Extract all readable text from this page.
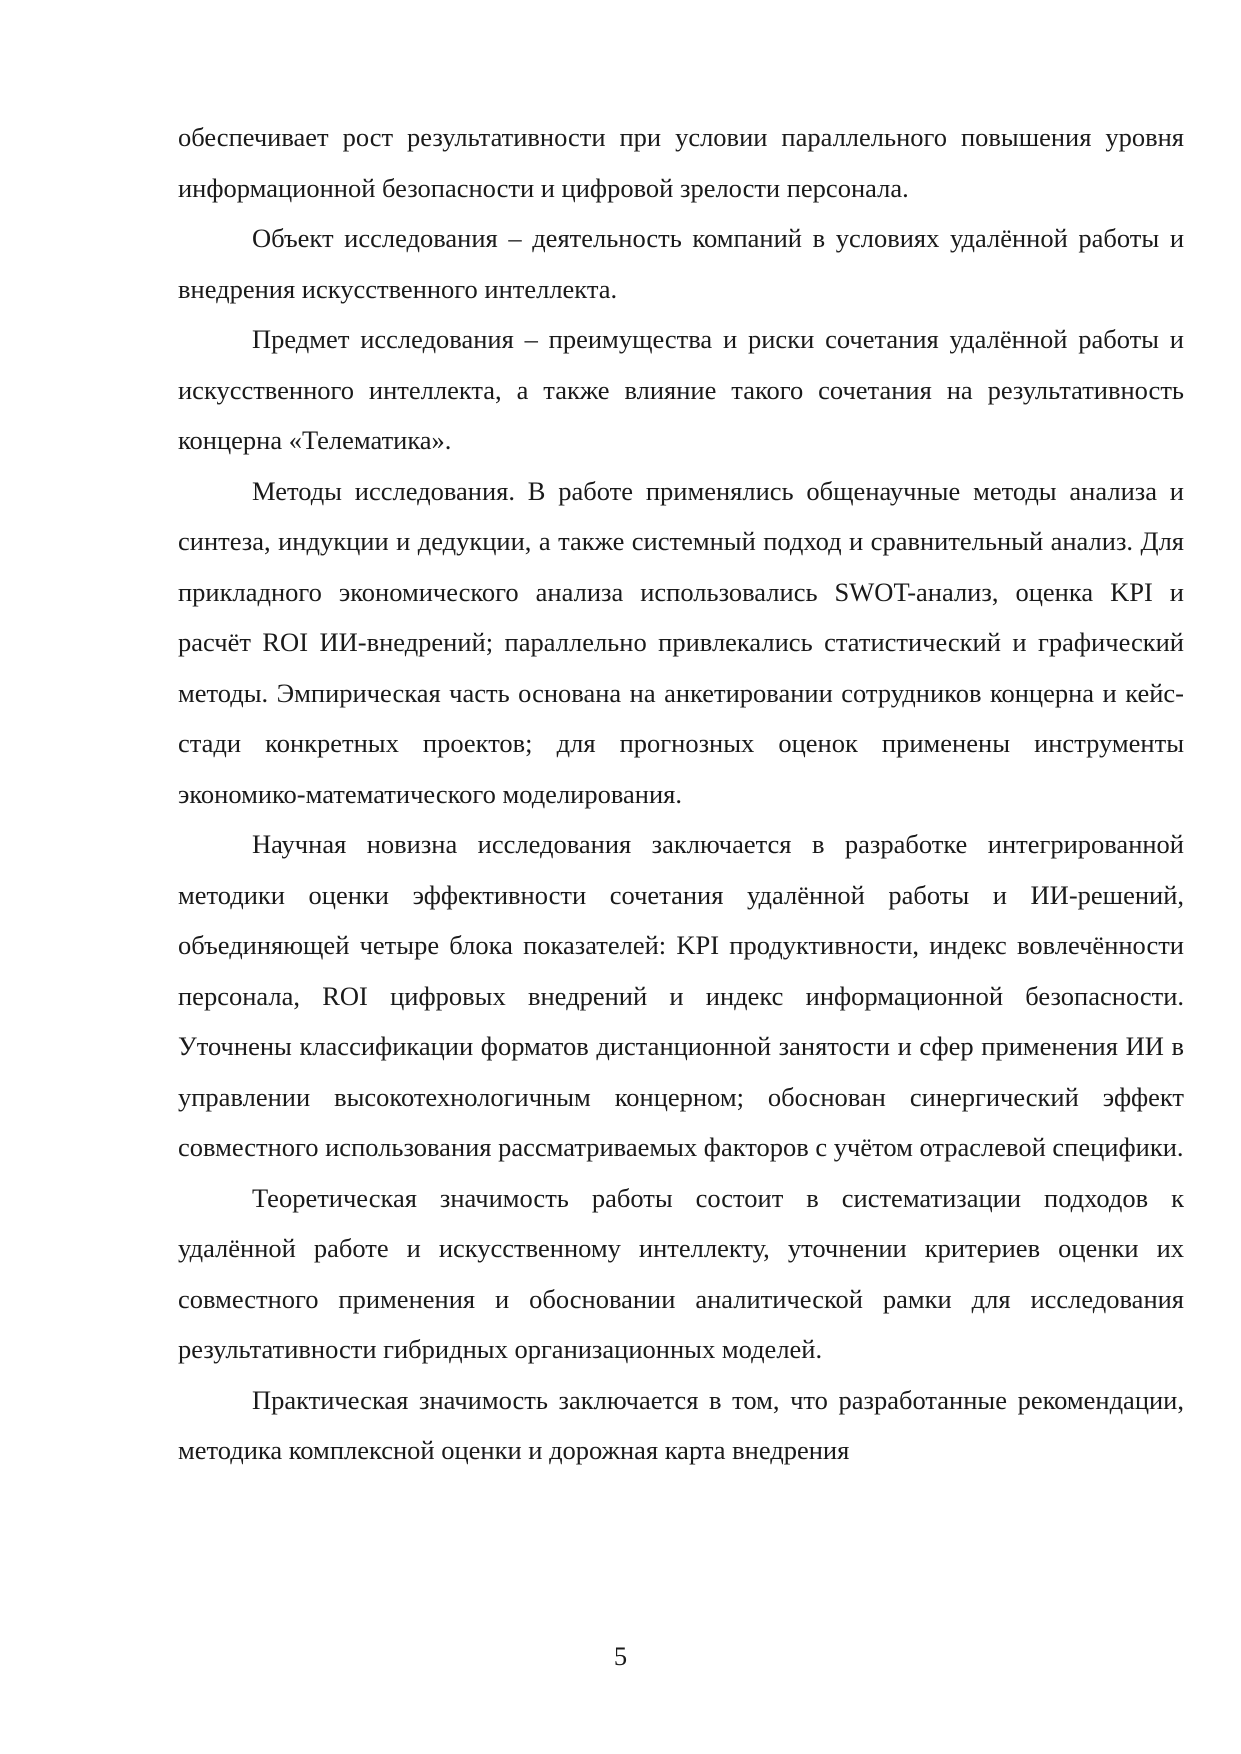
обеспечивает рост результативности при условии параллельного повышения уровня информационной безопасности и цифровой зрелости персонала.

Объект исследования – деятельность компаний в условиях удалённой работы и внедрения искусственного интеллекта.

Предмет исследования – преимущества и риски сочетания удалённой работы и искусственного интеллекта, а также влияние такого сочетания на результативность концерна «Телематика».

Методы исследования. В работе применялись общенаучные методы анализа и синтеза, индукции и дедукции, а также системный подход и сравнительный анализ. Для прикладного экономического анализа использовались SWOT-анализ, оценка KPI и расчёт ROI ИИ-внедрений; параллельно привлекались статистический и графический методы. Эмпирическая часть основана на анкетировании сотрудников концерна и кейс-стади конкретных проектов; для прогнозных оценок применены инструменты экономико-математического моделирования.

Научная новизна исследования заключается в разработке интегрированной методики оценки эффективности сочетания удалённой работы и ИИ-решений, объединяющей четыре блока показателей: KPI продуктивности, индекс вовлечённости персонала, ROI цифровых внедрений и индекс информационной безопасности. Уточнены классификации форматов дистанционной занятости и сфер применения ИИ в управлении высокотехнологичным концерном; обоснован синергический эффект совместного использования рассматриваемых факторов с учётом отраслевой специфики.

Теоретическая значимость работы состоит в систематизации подходов к удалённой работе и искусственному интеллекту, уточнении критериев оценки их совместного применения и обосновании аналитической рамки для исследования результативности гибридных организационных моделей.

Практическая значимость заключается в том, что разработанные рекомендации, методика комплексной оценки и дорожная карта внедрения

5
